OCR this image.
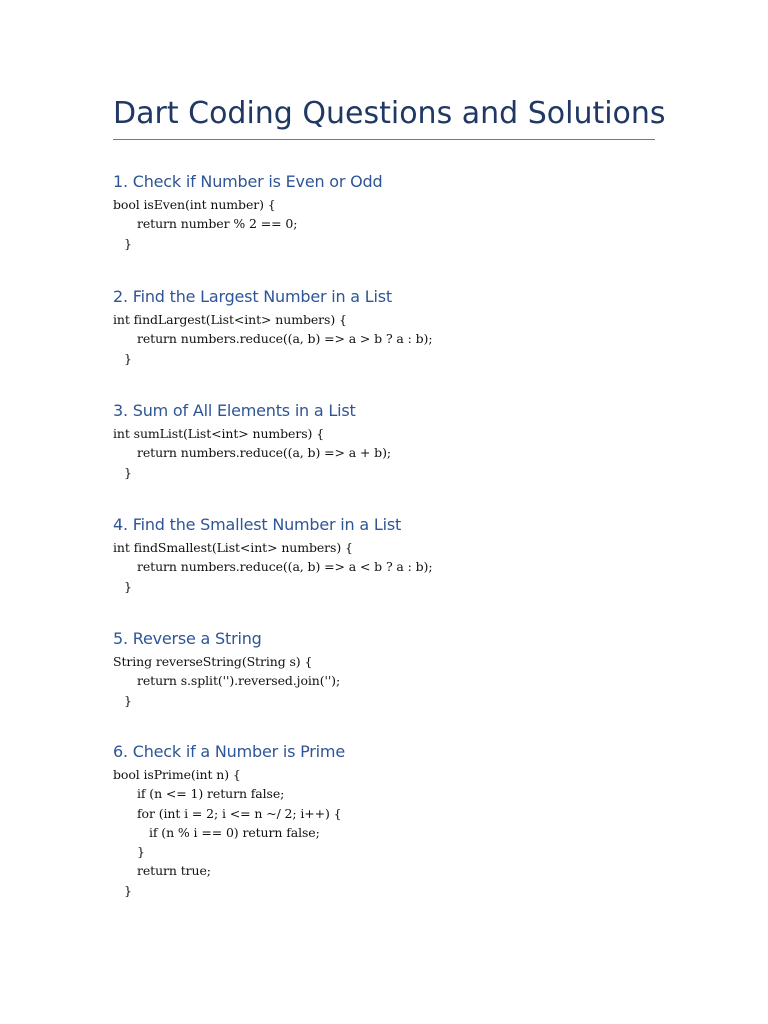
Dart Coding Questions and Solutions
1. Check if Number is Even or Odd
bool isEven(int number) {
return number % 2 == 0;
}
2. Find the Largest Number in a List
int findLargest(List<int> numbers) {
return numbers.reduce((a, b) => a > b ? a : b);
}
3. Sum of All Elements in a List
int sumList(List<int> numbers) {
return numbers.reduce((a, b) => a + b);
}
4. Find the Smallest Number in a List
int findSmallest(List<int> numbers) {
return numbers.reduce((a, b) => a < b ? a : b);
}
5. Reverse a String
String reverseString(String s) {
return s.split('').reversed.join('');
}
6. Check if a Number is Prime
bool isPrime(int n) {
if (n <= 1) return false;
for (int i = 2; i <= n ~/ 2; i++) {
if (n % i == 0) return false;
}
return true;
}
